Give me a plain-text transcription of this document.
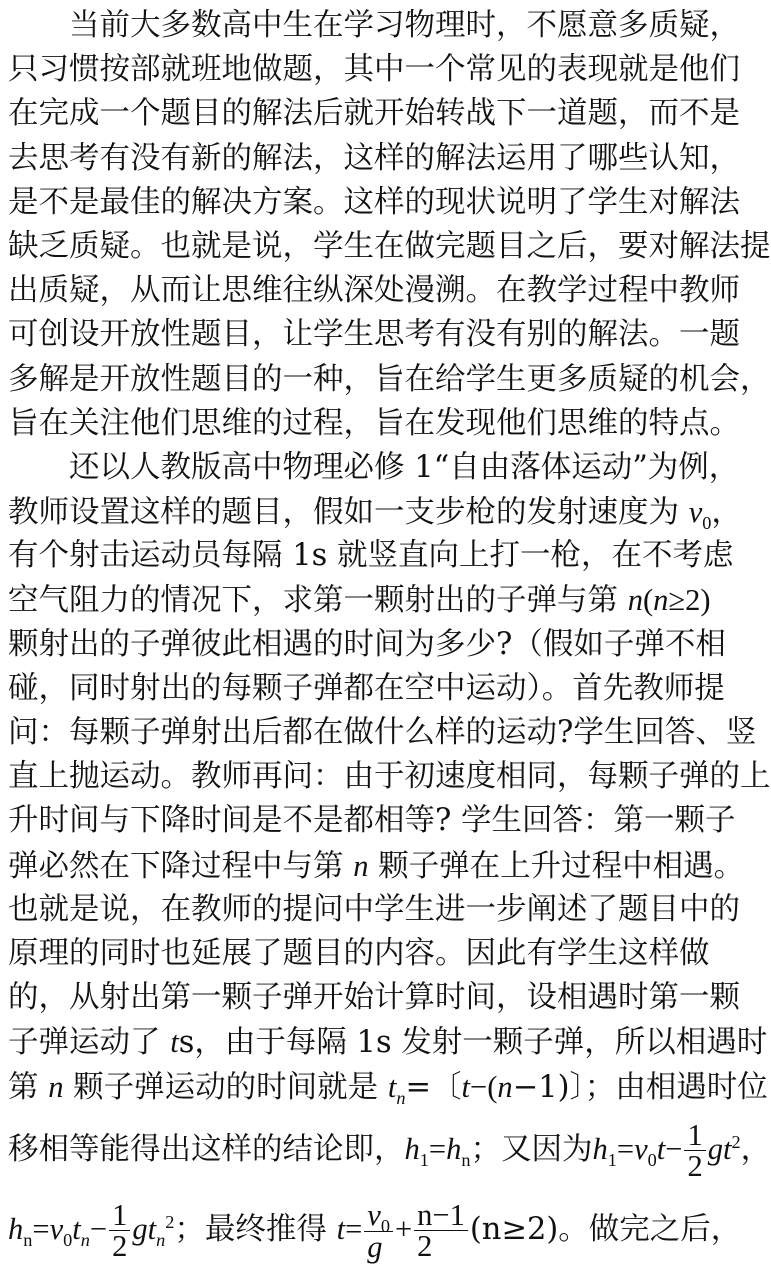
当前大多数高中生在学习物理时，不愿意多质疑，
只习惯按部就班地做题，其中一个常见的表现就是他们
在完成一个题目的解法后就开始转战下一道题，而不是
去思考有没有新的解法，这样的解法运用了哪些认知，
是不是最佳的解决方案。这样的现状说明了学生对解法
缺乏质疑。也就是说，学生在做完题目之后，要对解法提
出质疑，从而让思维往纵深处漫溯。在教学过程中教师
可创设开放性题目，让学生思考有没有别的解法。一题
多解是开放性题目的一种，旨在给学生更多质疑的机会，
旨在关注他们思维的过程，旨在发现他们思维的特点。
还以人教版高中物理必修 1“自由落体运动”为例，
教师设置这样的题目，假如一支步枪的发射速度为 $v_0$，
有个射击运动员每隔 1s 就竖直向上打一枪，在不考虑
空气阻力的情况下，求第一颗射出的子弹与第 n(n≥2)
颗射出的子弹彼此相遇的时间为多少?（假如子弹不相
碰，同时射出的每颗子弹都在空中运动）。首先教师提
问：每颗子弹射出后都在做什么样的运动?学生回答、竖
直上抛运动。教师再问：由于初速度相同，每颗子弹的上
升时间与下降时间是不是都相等? 学生回答：第一颗子
弹必然在下降过程中与第 n 颗子弹在上升过程中相遇。
也就是说，在教师的提问中学生进一步阐述了题目中的
原理的同时也延展了题目的内容。因此有学生这样做
的，从射出第一颗子弹开始计算时间，设相遇时第一颗
子弹运动了 ts，由于每隔 1s 发射一颗子弹，所以相遇时
第 n 颗子弹运动的时间就是 $t_n=$〔t−(n−1)〕；由相遇时位
移相等能得出这样的结论即，$h_1=h_n$；又因为$h_1=v_0t- \frac{1}{2} gt^2$，
$h_n=v_0t_n- \frac{1}{2} gt_n^2$；最终推得 $t= \frac{v_0}{g} + \frac{n-1}{2} (n\ge 2)$。做完之后，
